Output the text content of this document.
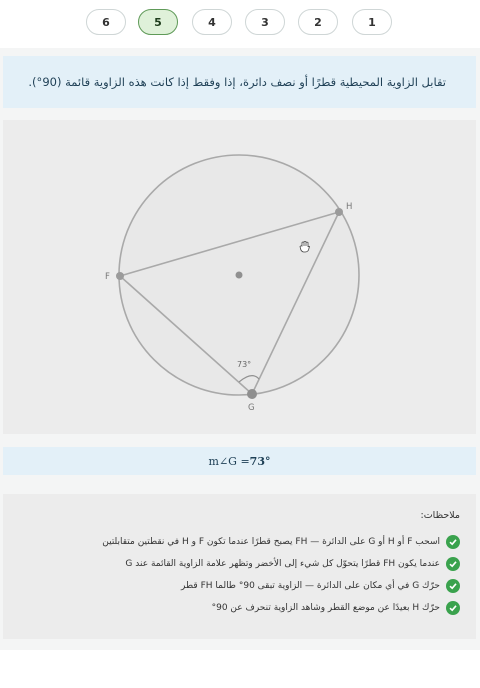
6	5	4	3	2	1
تقابل الزاوية المحيطية قطرًا أو نصف دائرة، إذا وفقط إذا كانت هذه الزاوية قائمة (90°).
H
F
G
73°
m∠G = 73°
ملاحظات:
اسحب F أو H أو G على الدائرة — FH يصبح قطرًا عندما تكون F و H في نقطتين متقابلتين
عندما يكون FH قطرًا يتحوّل كل شيء إلى الأخضر وتظهر علامة الزاوية القائمة عند G
حرّك G في أي مكان على الدائرة — الزاوية تبقى 90° طالما FH قطر
حرّك H بعيدًا عن موضع القطر وشاهد الزاوية تنحرف عن 90°
